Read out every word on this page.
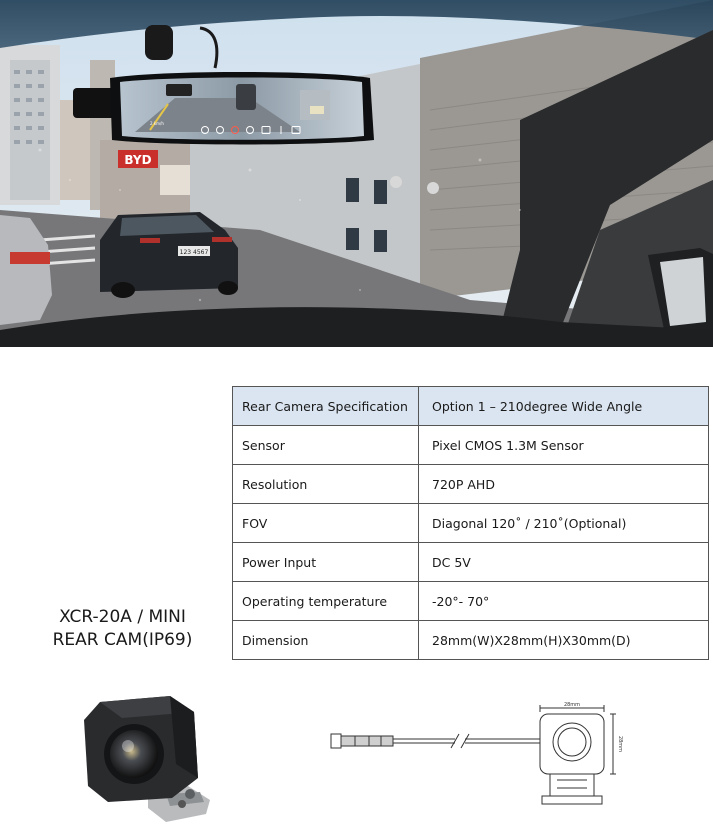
BYD
123 4567
2 km/h
XCR-20A / MINI
REAR CAM(IP69)
Rear Camera Specification	Option 1 – 210degree Wide Angle
Sensor	Pixel CMOS 1.3M Sensor
Resolution	720P AHD
FOV	Diagonal 120˚ / 210˚(Optional)
Power Input	DC 5V
Operating temperature	-20°- 70°
Dimension	28mm(W)X28mm(H)X30mm(D)
28mm
28mm
